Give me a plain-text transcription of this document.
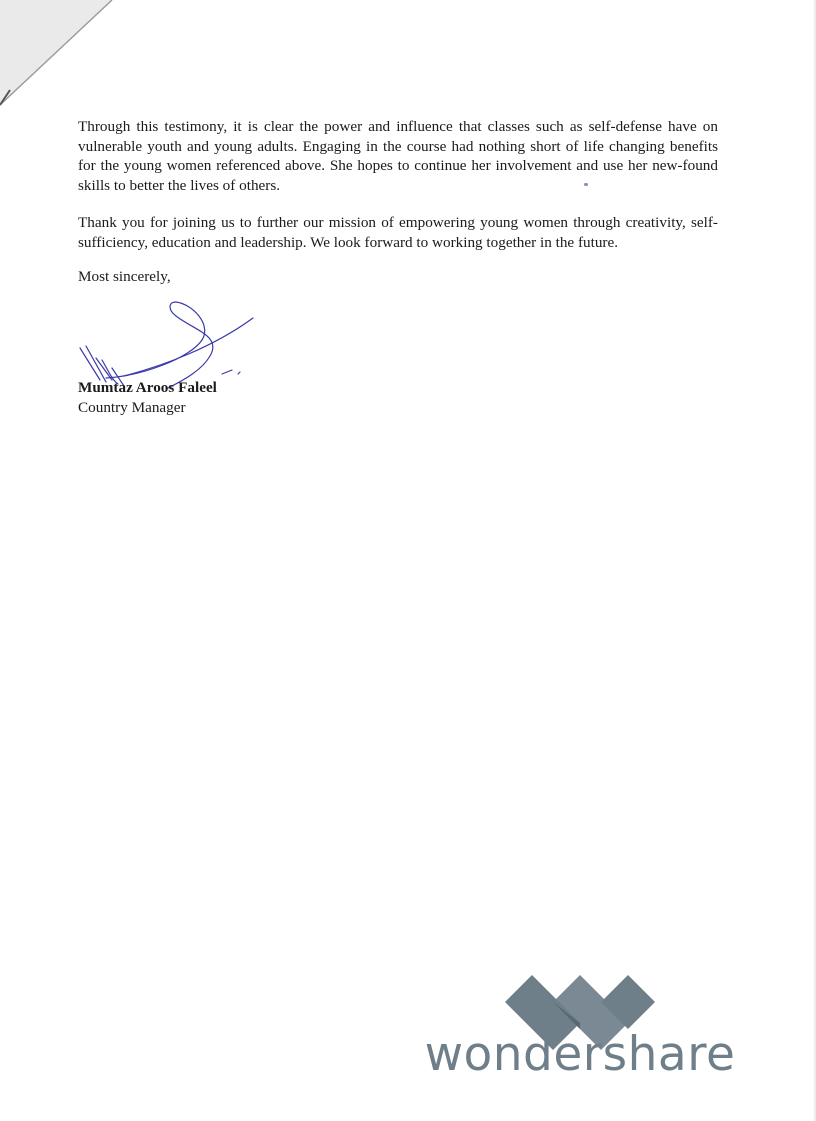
Through this testimony, it is clear the power and influence that classes such as self-defense have on vulnerable youth and young adults. Engaging in the course had nothing short of life changing benefits for the young women referenced above. She hopes to continue her involvement and use her new-found skills to better the lives of others.

Thank you for joining us to further our mission of empowering young women through creativity, self-sufficiency, education and leadership. We look forward to working together in the future.

Most sincerely,

Mumtaz Aroos Faleel
Country Manager
wondershare
